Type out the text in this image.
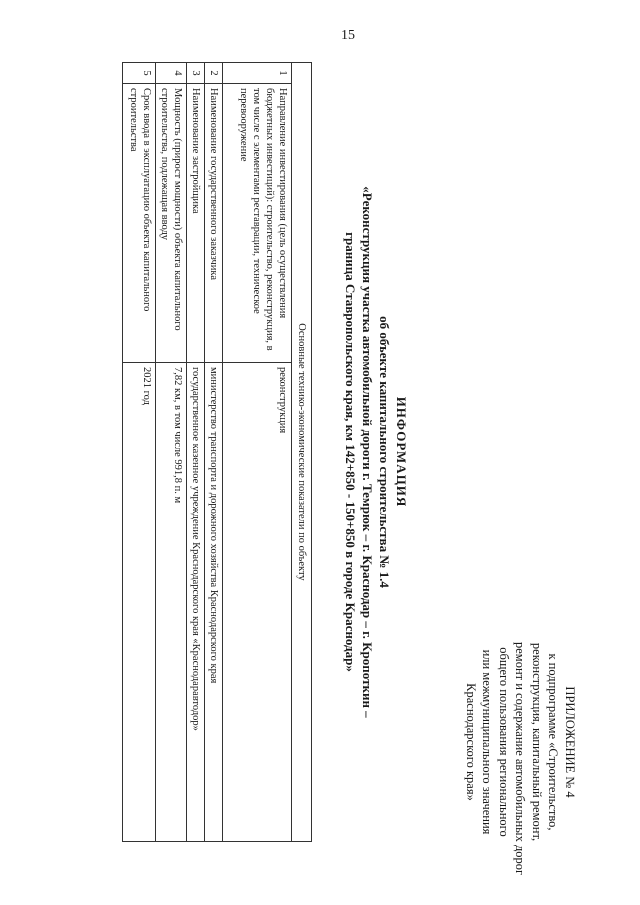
15
ПРИЛОЖЕНИЕ № 4
к подпрограмме «Строительство,
реконструкция, капитальный ремонт,
ремонт и содержание автомобильных дорог
общего пользования регионального
или межмуниципального значения
Краснодарского края»
ИНФОРМАЦИЯ
об объекте капитального строительства № 1.4
«Реконструкция участка автомобильной дороги г. Темрюк – г. Краснодар – г. Кропоткин –
граница Ставропольского края, км 142+850 - 150+850 в городе Краснодар»
Основные технико-экономические показатели по объекту		
1	Направление инвестирования (цель осуществления бюджетных инвестиций): строительство, реконструкция, в том числе с элементами реставрации, техническое перевооружение	реконструкция
2	Наименование государственного заказчика	министерство транспорта и дорожного хозяйства Краснодарского края
3	Наименование застройщика	государственное казенное учреждение Краснодарского края «Краснодаравтодор»
4	Мощность (прирост мощности) объекта капитального строительства, подлежащая вводу	7,82 км, в том числе 991,8 п. м
5	Срок ввода в эксплуатацию объекта капитального строительства	2021 год
